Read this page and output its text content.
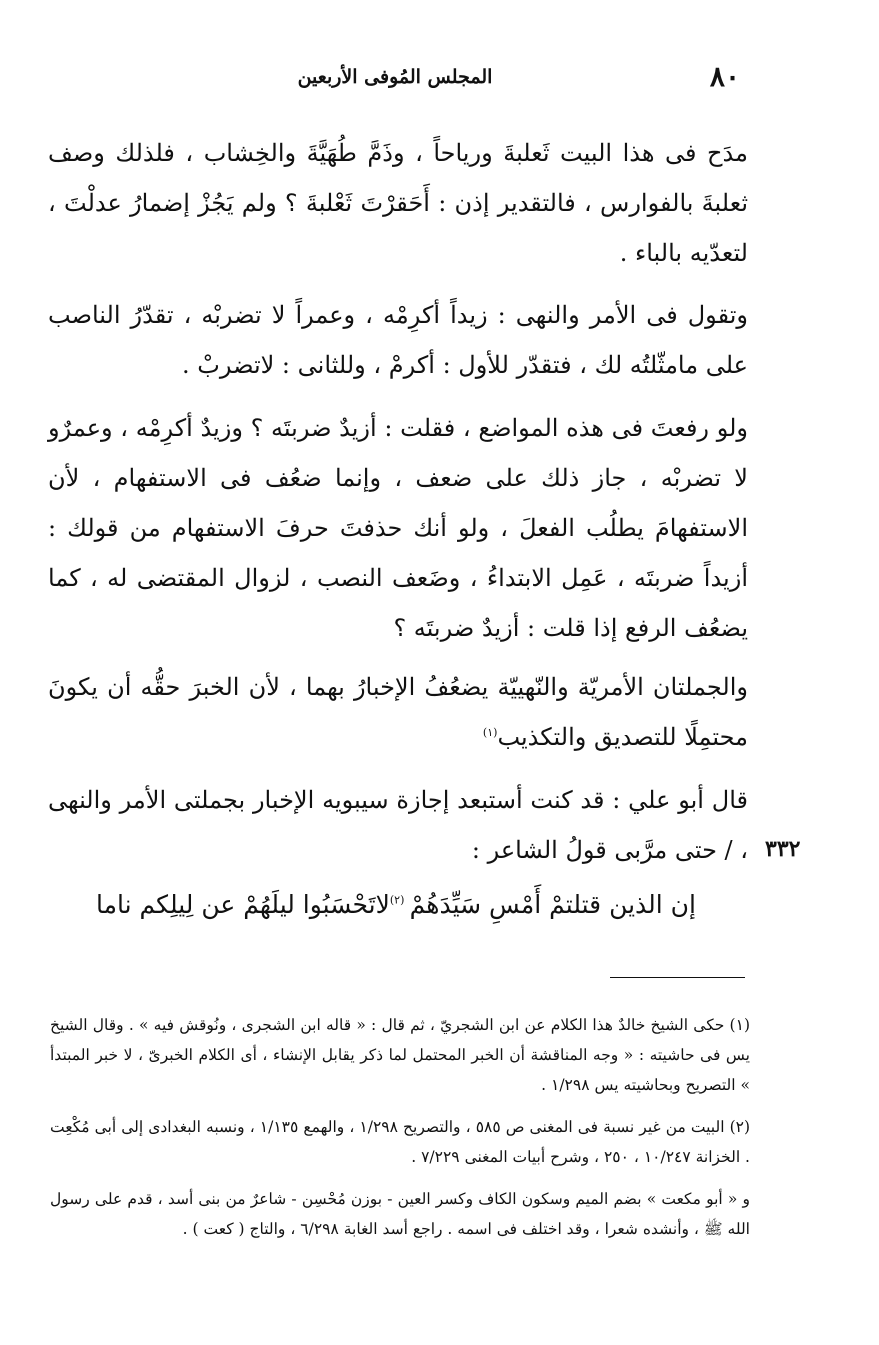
٨٠
المجلس المُوفى الأربعين

مدَح فى هذا البيت ثَعلبةَ ورياحاً ، وذَمَّ طُهَيَّةَ والخِشاب ، فلذلك وصف ثعلبةَ بالفوارس ، فالتقدير إذن : أَحَقرْتَ ثَعْلبةَ ؟ ولم يَجُزْ إضمارُ عدلْتَ ، لتعدّيه بالباء .

وتقول فى الأمر والنهى : زيداً أكرِمْه ، وعمراً لا تضربْه ، تقدّرُ الناصب على مامثّلتُه لك ، فتقدّر للأول : أكرمْ ، وللثانى : لاتضربْ .

ولو رفعتَ فى هذه المواضع ، فقلت : أزيدٌ ضربتَه ؟ وزيدٌ أكرِمْه ، وعمرٌو لا تضربْه ، جاز ذلك على ضعف ، وإنما ضعُف فى الاستفهام ، لأن الاستفهامَ يطلُب الفعلَ ، ولو أنك حذفتَ حرفَ الاستفهام من قولك : أزيداً ضربتَه ، عَمِل الابتداءُ ، وضَعف النصب ، لزوال المقتضى له ، كما يضعُف الرفع إذا قلت : أزيدٌ ضربتَه ؟

والجملتان الأمريّة والنّهييّة يضعُفُ الإخبارُ بهما ، لأن الخبرَ حقُّه أن يكونَ محتمِلًا للتصديق والتكذيب$^{(١)}$

قال أبو علي : قد كنت أستبعد إجازة سيبويه الإخبار بجملتى الأمر والنهى ، / حتى مرَّبى قولُ الشاعر : ٣٣٢
إن الذين قتلتمْ أَمْسِ سَيِّدَهُمْ
$^{(٢)}$لاتَحْسَبُوا ليلَهُمْ عن لِيلِكم ناما

(١) حكى الشيخ خالدٌ هذا الكلام عن ابن الشجريّ ، ثم قال : « قاله ابن الشجرى ، ونُوقش فيه » . وقال الشيخ يس فى حاشيته : « وجه المناقشة أن الخبر المحتمل لما ذكر يقابل الإنشاء ، أى الكلام الخبرىّ ، لا خبر المبتدأ » التصريح وبحاشيته يس ١/٢٩٨ .

(٢) البيت من غير نسبة فى المغنى ص ٥٨٥ ، والتصريح ١/٢٩٨ ، والهمع ١/١٣٥ ، ونسبه البغدادى إلى أبى مُكْعِت . الخزانة ١٠/٢٤٧ ، ٢٥٠ ، وشرح أبيات المغنى ٧/٢٢٩ .

و « أبو مكعت » بضم الميم وسكون الكاف وكسر العين - بوزن مُحْسِن - شاعرٌ من بنى أسد ، قدم على رسول الله ﷺ ، وأنشده شعرا ، وقد اختلف فى اسمه . راجع أسد الغابة ٦/٢٩٨ ، والتاج ( كعت ) .
